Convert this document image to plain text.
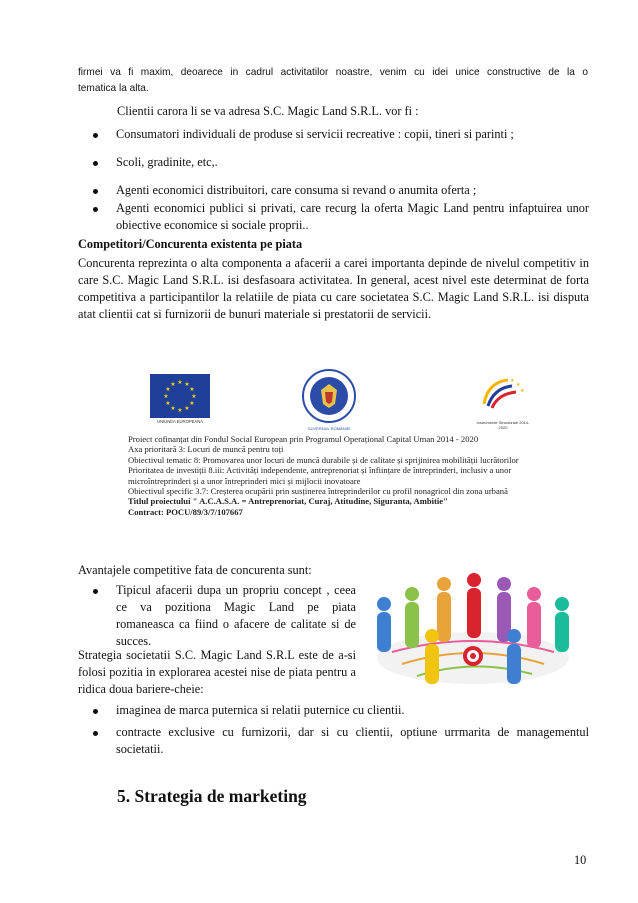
firmei va fi maxim, deoarece in cadrul activitatilor noastre, venim cu idei unice constructive de la o
tematica la alta.
Clientii carora li se va adresa S.C. Magic Land S.R.L. vor fi :
Consumatori individuali de produse si servicii recreative : copii, tineri si parinti ;
Scoli, gradinite, etc,.
Agenti economici distribuitori, care consuma si revand o anumita oferta ;
Agenti economici publici si privati, care recurg la oferta Magic Land pentru infaptuirea unor obiective economice si sociale proprii..
Competitori/Concurenta existenta pe piata
Concurenta reprezinta o alta componenta a afacerii a carei importanta depinde de nivelul competitiv in care S.C. Magic Land S.R.L. isi desfasoara activitatea. In general, acest nivel este determinat de forta competitiva a participantilor la relatiile de piata cu care societatea S.C. Magic Land S.R.L. isi disputa atat clientii cat si furnizorii de bunuri materiale si prestatorii de servicii.
★ ★
★
★
★
★
★
★
★
★
★
★
UNIUNEA EUROPEANĂ
GUVERNUL ROMÂNIEI
★
★
★
Instrumente Structurale 2014-2020
Proiect cofinanțat din Fondul Social European prin Programul Operațional Capital Uman 2014 - 2020
Axa prioritară 3: Locuri de muncă pentru toți
Obiectivul tematic 8: Promovarea unor locuri de muncă durabile și de calitate și sprijinirea mobilității lucrătorilor
Prioritatea de investiții 8.iii: Activități independente, antreprenoriat și înființare de întreprinderi, inclusiv a unor microîntreprinderi și a unor întreprinderi mici și mijlocii inovatoare
Obiectivul specific 3.7: Creșterea ocupării prin susținerea întreprinderilor cu profil nonagricol din zona urbană
Titlul proiectului " A.C.A.S.A. = Antreprenoriat, Curaj, Atitudine, Siguranta, Ambitie"
Contract: POCU/89/3/7/107667
Avantajele competitive fata de concurenta sunt:
Tipicul afacerii dupa un propriu concept , ceea ce va pozitiona Magic Land pe piata romaneasca ca fiind o afacere de calitate si de succes.
Strategia societatii S.C. Magic Land S.R.L este de a-si folosi pozitia in explorarea acestei nise de piata pentru a ridica doua bariere-cheie:
imaginea de marca puternica si relatii puternice cu clientii.
contracte exclusive cu furnizorii, dar si cu clientii, optiune urrmarita de managementul societatii.
5. Strategia de marketing
10
